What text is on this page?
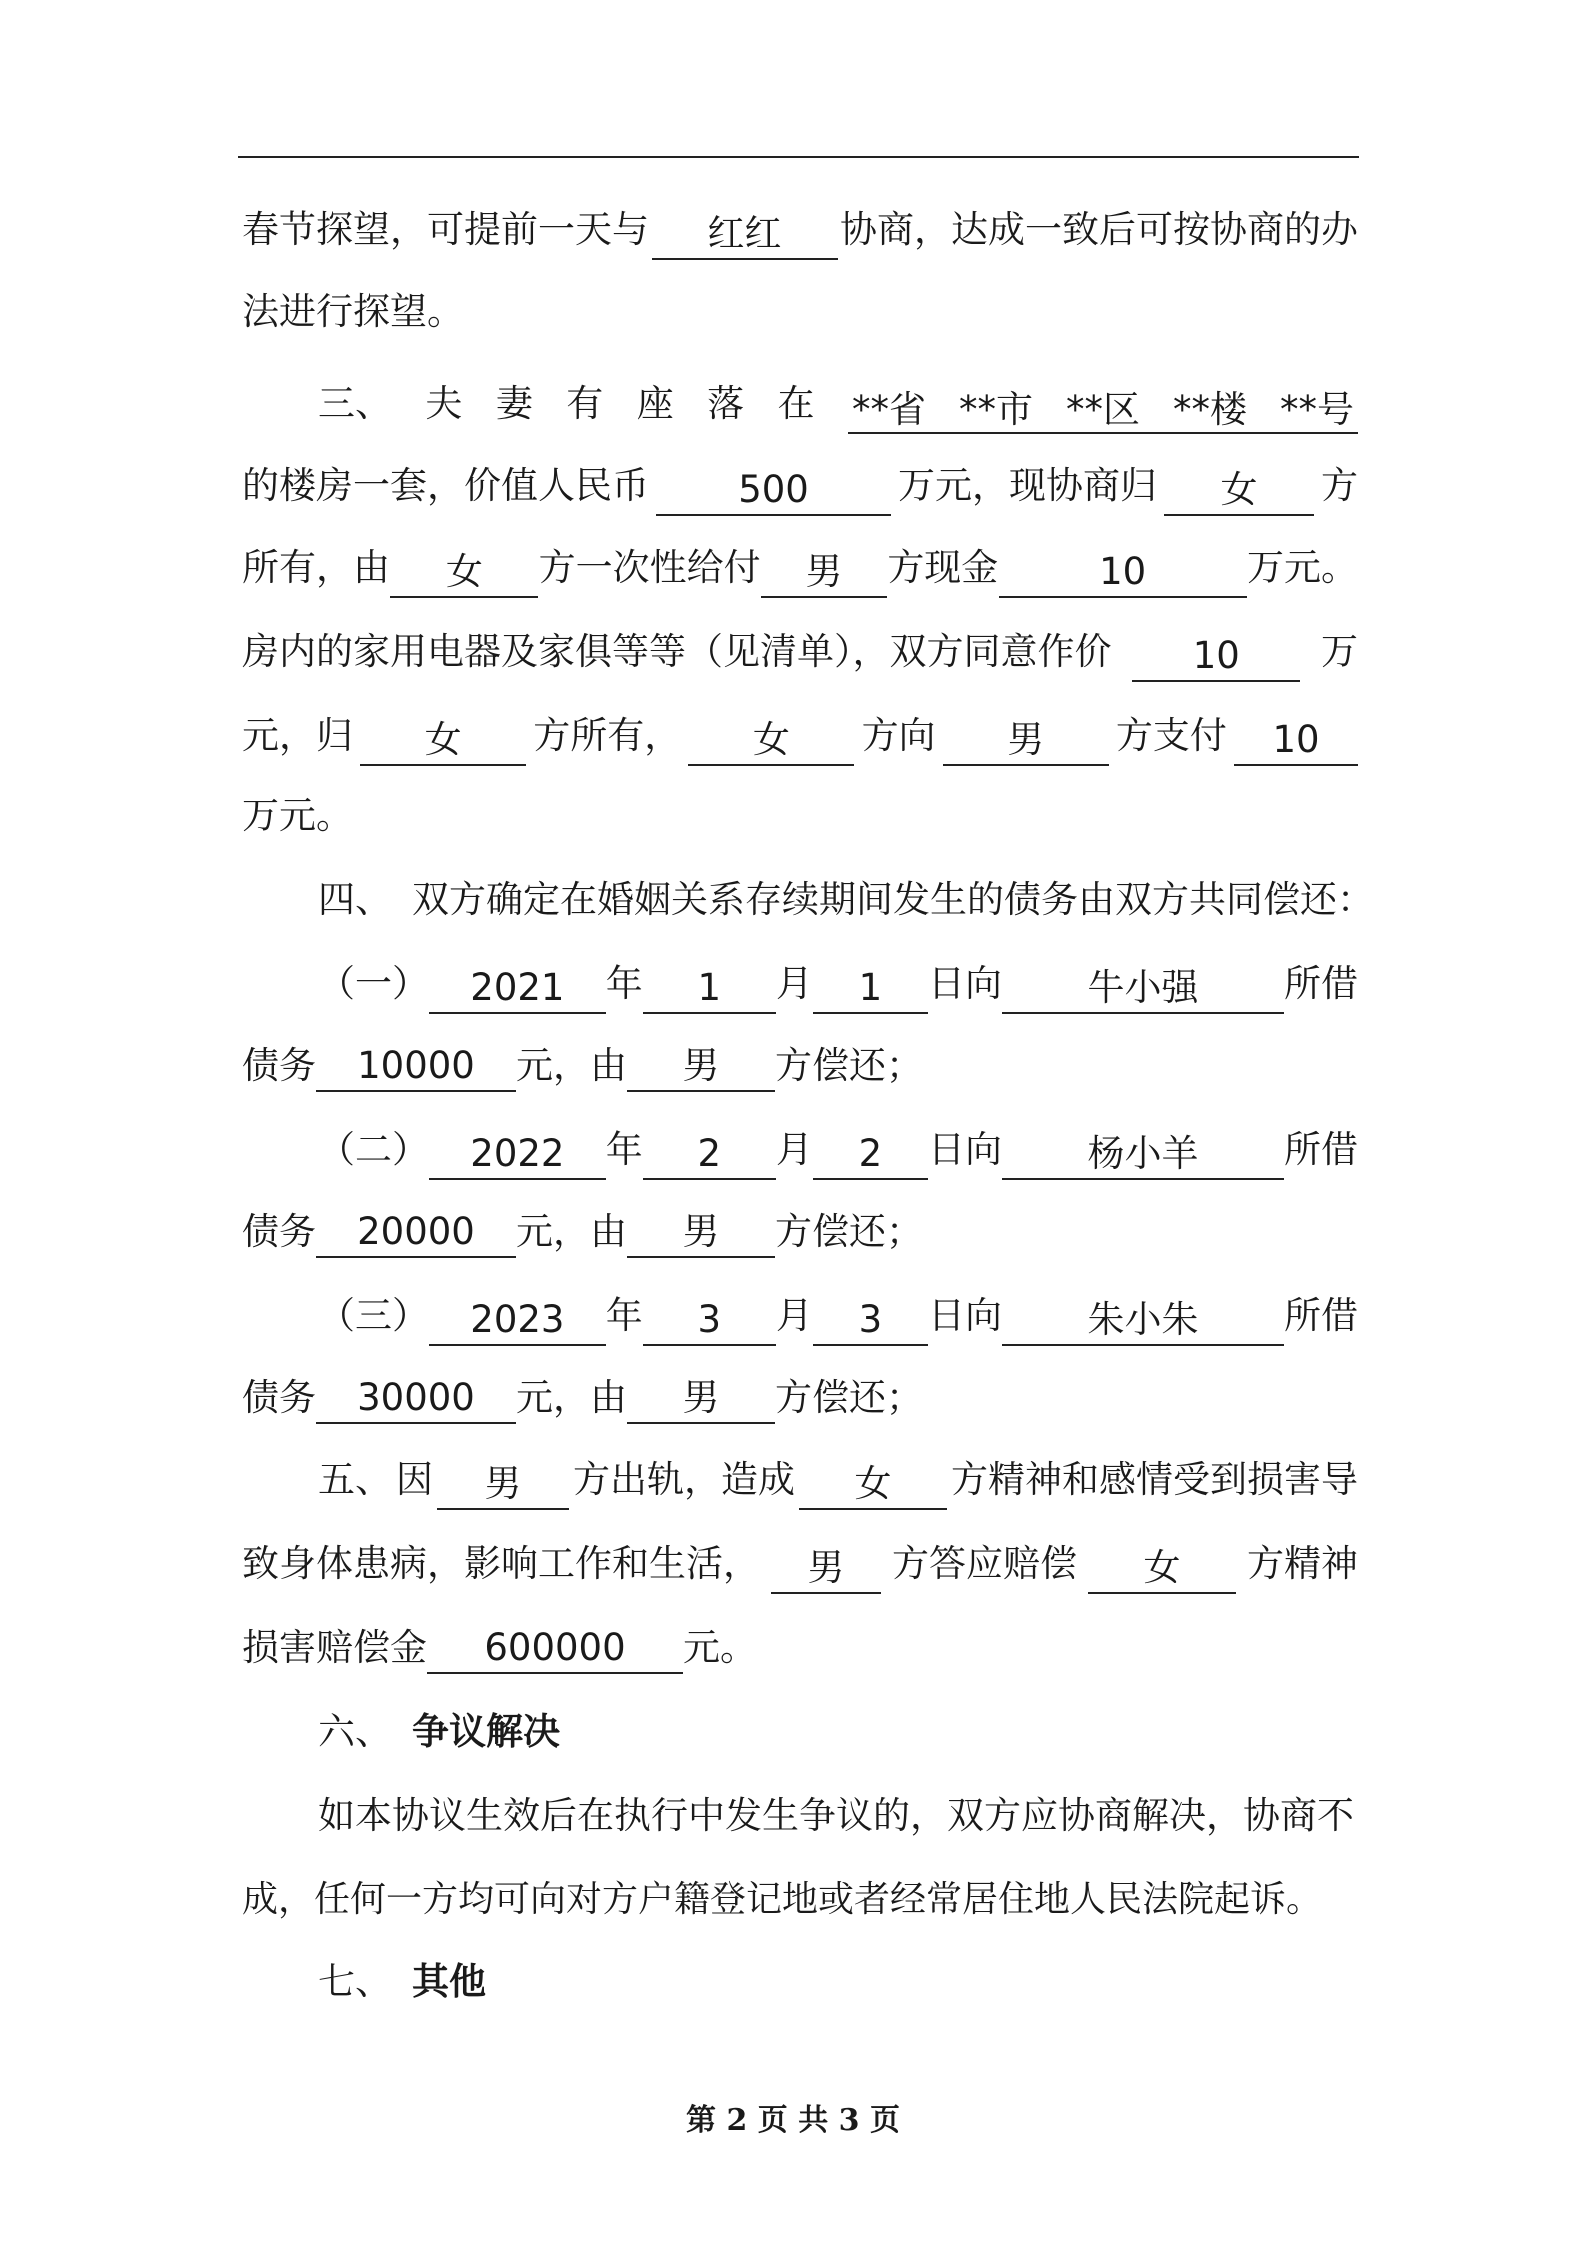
春节探望，可提前一天与	红红	协商，达成一致后可按协商的办
法进行探望。
三、 夫 妻 有 座 落 在 **省 **市 **区 **楼 **号
的楼房一套，价值人民币	500	万元，现协商归	女	方
所有，由	女	方一次性给付	男	方现金	10	万元。
房内的家用电器及家俱等等（见清单），双方同意作价	10	万
元，归	女	方所有，	女	方向	男	方支付	10
万元。
四、 双方确定在婚姻关系存续期间发生的债务由双方共同偿还：
（一）	2021	年	1	月	1	日向	牛小强	所借
债务 10000 元，由 男 方偿还；
（二）	2022	年	2	月	2	日向	杨小羊	所借
债务 20000 元，由 男 方偿还；
（三）	2023	年	3	月	3	日向	朱小朱	所借
债务 30000 元，由 男 方偿还；
五、 因	男	方出轨，造成	女	方精神和感情受到损害导
致身体患病，影响工作和生活，	男	方答应赔偿	女	方精神
损害赔偿金 600000 元。
六、 争议解决
如本协议生效后在执行中发生争议的，双方应协商解决，协商不
成，任何一方均可向对方户籍登记地或者经常居住地人民法院起诉。
七、 其他
第 2 页 共 3 页
